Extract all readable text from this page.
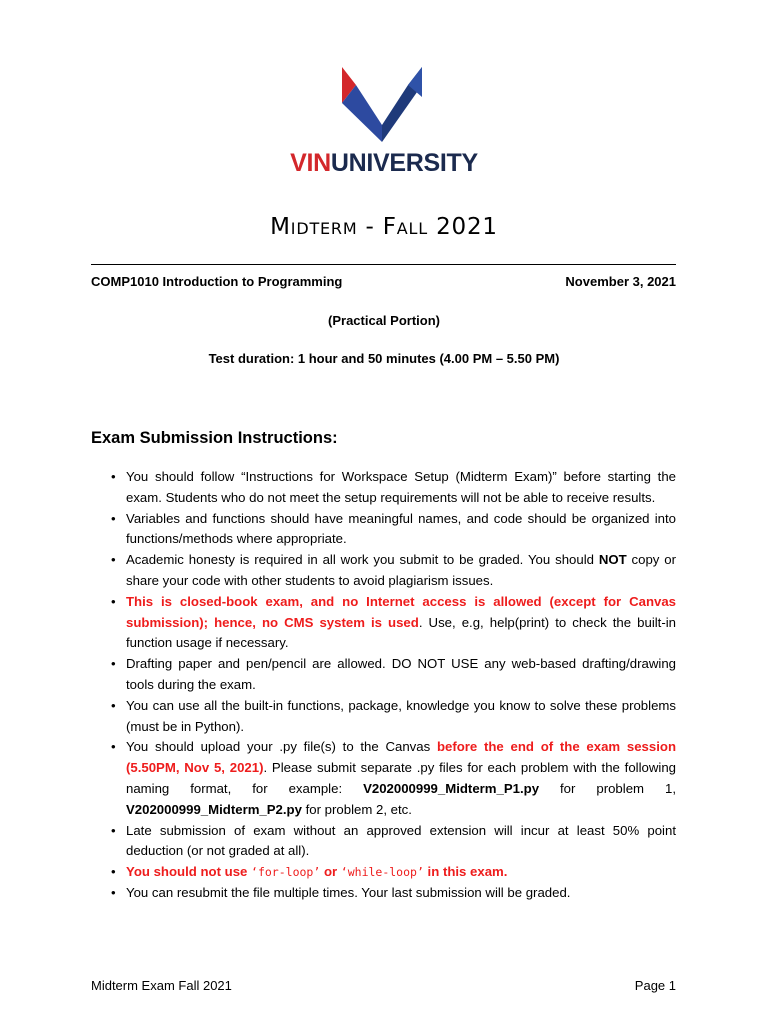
VINUNIVERSITY
Midterm - Fall 2021
COMP1010 Introduction to Programming	November 3, 2021
(Practical Portion)
Test duration: 1 hour and 50 minutes (4.00 PM – 5.50 PM)
Exam Submission Instructions:
• You should follow “Instructions for Workspace Setup (Midterm Exam)” before starting the exam. Students who do not meet the setup requirements will not be able to receive results.
• Variables and functions should have meaningful names, and code should be organized into functions/methods where appropriate.
• Academic honesty is required in all work you submit to be graded. You should NOT copy or share your code with other students to avoid plagiarism issues.
• This is closed-book exam, and no Internet access is allowed (except for Canvas submission); hence, no CMS system is used. Use, e.g, help(print) to check the built-in function usage if necessary.
• Drafting paper and pen/pencil are allowed. DO NOT USE any web-based drafting/drawing tools during the exam.
• You can use all the built-in functions, package, knowledge you know to solve these problems (must be in Python).
• You should upload your .py file(s) to the Canvas before the end of the exam session (5.50PM, Nov 5, 2021). Please submit separate .py files for each problem with the following naming format, for example: V202000999_Midterm_P1.py for problem 1, V202000999_Midterm_P2.py for problem 2, etc.
• Late submission of exam without an approved extension will incur at least 50% point deduction (or not graded at all).
• You should not use ‘for-loop’ or ‘while-loop’ in this exam.
• You can resubmit the file multiple times. Your last submission will be graded.
Midterm Exam Fall 2021	Page 1
